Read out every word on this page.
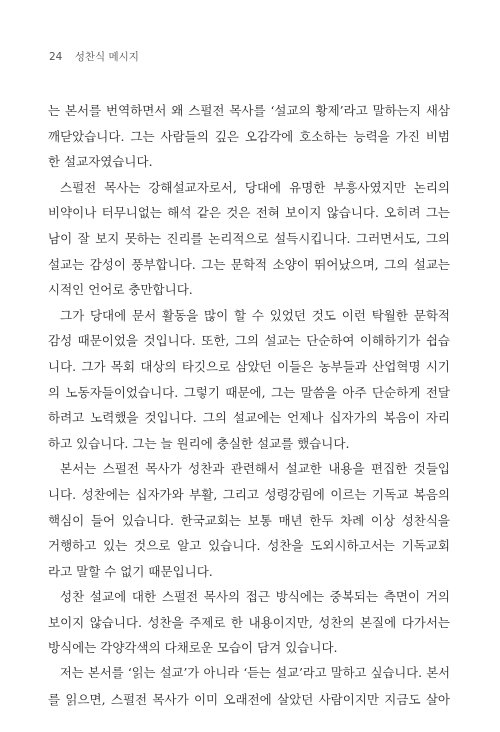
24 성찬식 메시지
는 본서를 번역하면서 왜 스펄전 목사를 ‘설교의 황제’라고 말하는지 새삼
깨닫았습니다. 그는 사람들의 깊은 오감각에 호소하는 능력을 가진 비범
한 설교자였습니다.
스펄전 목사는 강해설교자로서, 당대에 유명한 부흥사였지만 논리의
비약이나 터무니없는 해석 같은 것은 전혀 보이지 않습니다. 오히려 그는
남이 잘 보지 못하는 진리를 논리적으로 설득시킵니다. 그러면서도, 그의
설교는 감성이 풍부합니다. 그는 문학적 소양이 뛰어났으며, 그의 설교는
시적인 언어로 충만합니다.
그가 당대에 문서 활동을 많이 할 수 있었던 것도 이런 탁월한 문학적
감성 때문이었을 것입니다. 또한, 그의 설교는 단순하여 이해하기가 쉽습
니다. 그가 목회 대상의 타깃으로 삼았던 이들은 농부들과 산업혁명 시기
의 노동자들이었습니다. 그렇기 때문에, 그는 말씀을 아주 단순하게 전달
하려고 노력했을 것입니다. 그의 설교에는 언제나 십자가의 복음이 자리
하고 있습니다. 그는 늘 원리에 충실한 설교를 했습니다.
본서는 스펄전 목사가 성찬과 관련해서 설교한 내용을 편집한 것들입
니다. 성찬에는 십자가와 부활, 그리고 성령강림에 이르는 기독교 복음의
핵심이 들어 있습니다. 한국교회는 보통 매년 한두 차례 이상 성찬식을
거행하고 있는 것으로 알고 있습니다. 성찬을 도외시하고서는 기독교회
라고 말할 수 없기 때문입니다.
성찬 설교에 대한 스펄전 목사의 접근 방식에는 중복되는 측면이 거의
보이지 않습니다. 성찬을 주제로 한 내용이지만, 성찬의 본질에 다가서는
방식에는 각양각색의 다채로운 모습이 담겨 있습니다.
저는 본서를 ‘읽는 설교’가 아니라 ‘듣는 설교’라고 말하고 싶습니다. 본서
를 읽으면, 스펄전 목사가 이미 오래전에 살았던 사람이지만 지금도 살아
